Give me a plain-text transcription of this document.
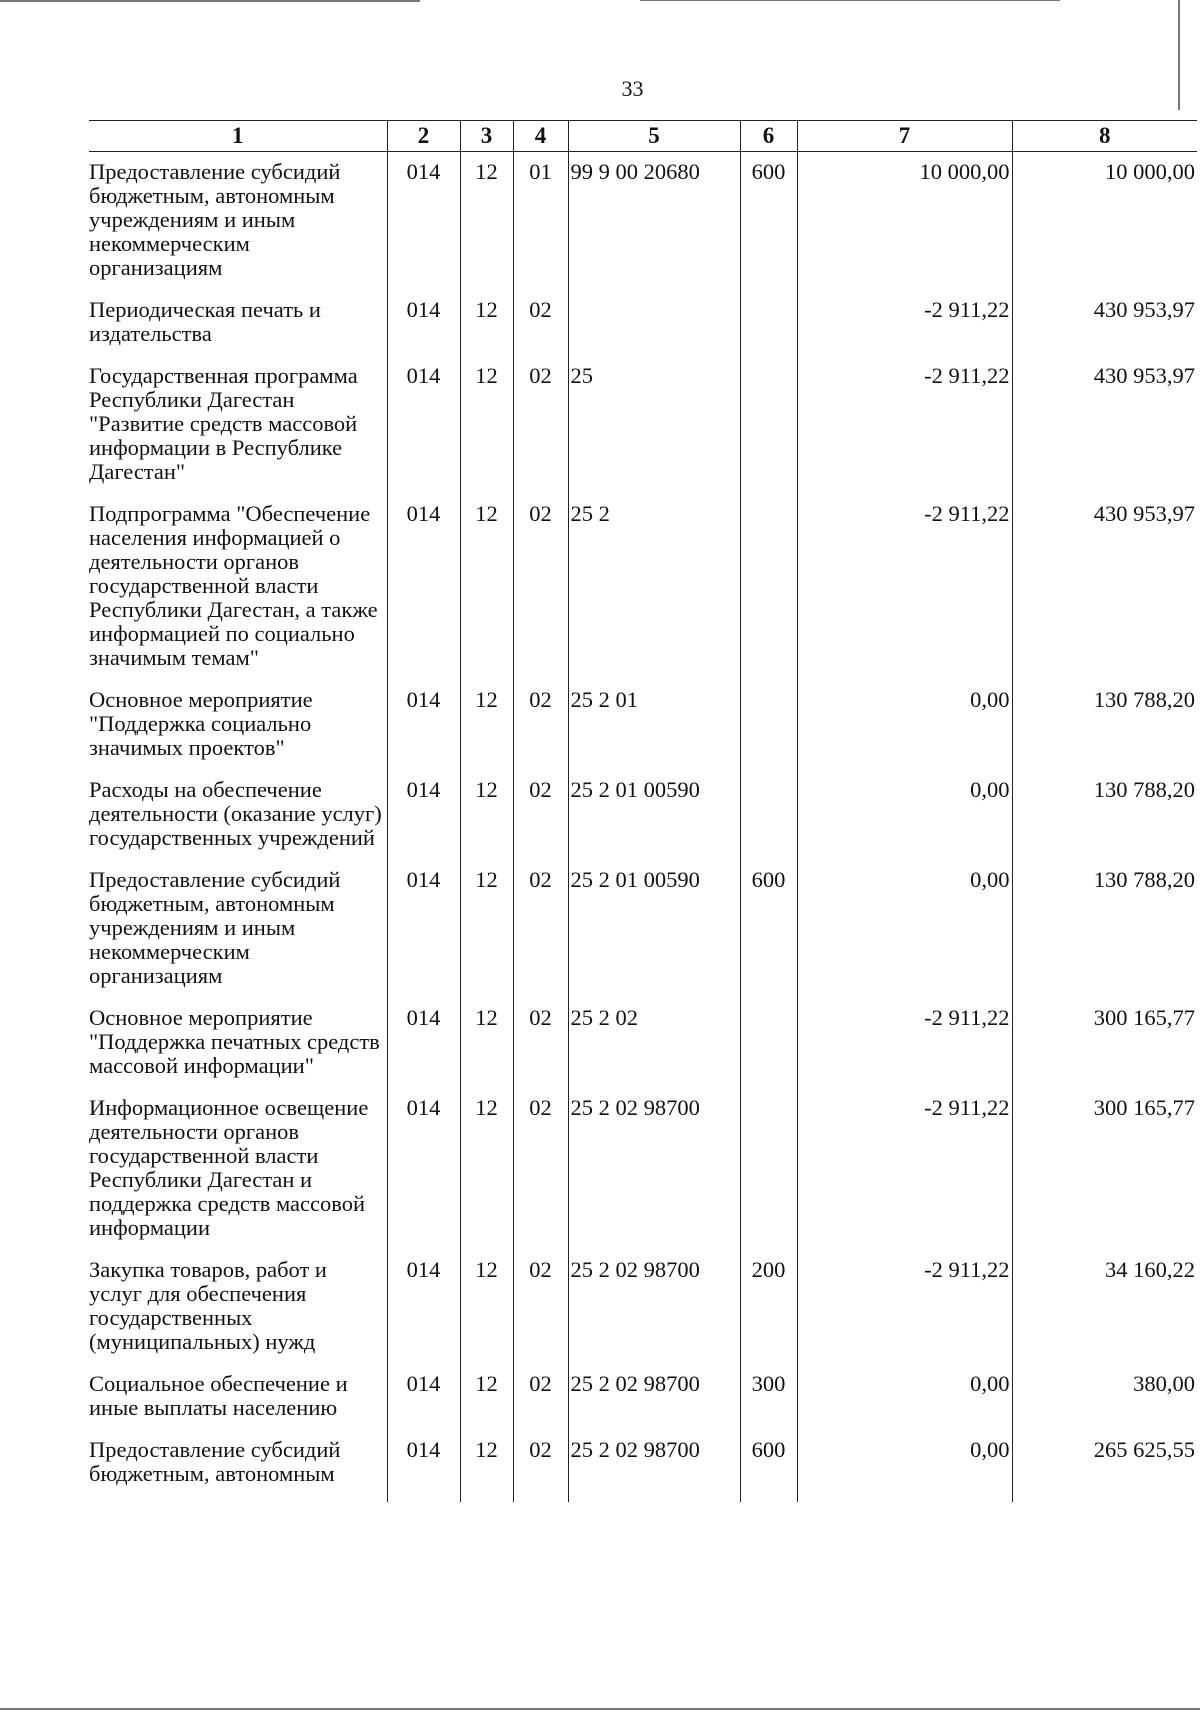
33
1	2	3	4	5	6	7	8
Предоставление субсидий бюджетным, автономным учреждениям и иным некоммерческим организациям	014	12	01	99 9 00 20680	600	10 000,00	10 000,00
Периодическая печать и издательства	014	12	02			-2 911,22	430 953,97
Государственная программа Республики Дагестан "Развитие средств массовой информации в Республике Дагестан"	014	12	02	25		-2 911,22	430 953,97
Подпрограмма "Обеспечение населения информацией о деятельности органов государственной власти Республики Дагестан, а также информацией по социально значимым темам"	014	12	02	25 2		-2 911,22	430 953,97
Основное мероприятие "Поддержка социально значимых проектов"	014	12	02	25 2 01		0,00	130 788,20
Расходы на обеспечение деятельности (оказание услуг) государственных учреждений	014	12	02	25 2 01 00590		0,00	130 788,20
Предоставление субсидий бюджетным, автономным учреждениям и иным некоммерческим организациям	014	12	02	25 2 01 00590	600	0,00	130 788,20
Основное мероприятие "Поддержка печатных средств массовой информации"	014	12	02	25 2 02		-2 911,22	300 165,77
Информационное освещение деятельности органов государственной власти Республики Дагестан и поддержка средств массовой информации	014	12	02	25 2 02 98700		-2 911,22	300 165,77
Закупка товаров, работ и услуг для обеспечения государственных (муниципальных) нужд	014	12	02	25 2 02 98700	200	-2 911,22	34 160,22
Социальное обеспечение и иные выплаты населению	014	12	02	25 2 02 98700	300	0,00	380,00
Предоставление субсидий бюджетным, автономным	014	12	02	25 2 02 98700	600	0,00	265 625,55
